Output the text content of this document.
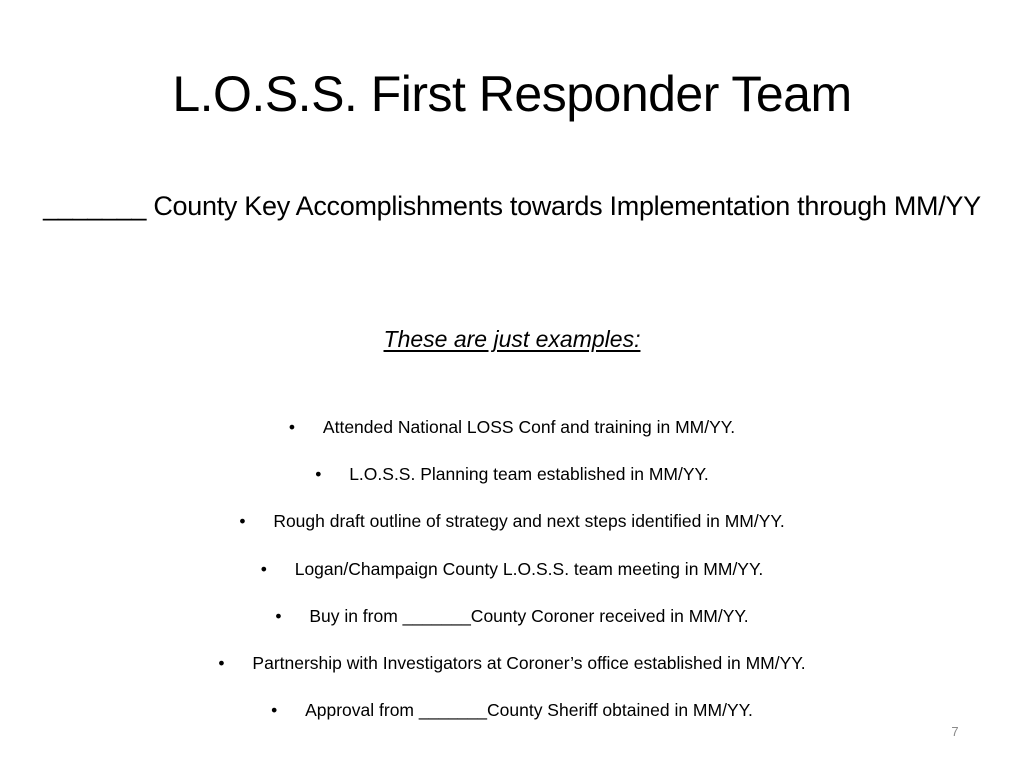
L.O.S.S. First Responder Team
_______ County Key Accomplishments towards Implementation through MM/YY
These are just examples:
•	Attended National LOSS Conf and training in MM/YY.
•	L.O.S.S. Planning team established in MM/YY.
•	Rough draft outline of strategy and next steps identified in MM/YY.
•	Logan/Champaign County L.O.S.S. team meeting in MM/YY.
•	Buy in from _______County Coroner received in MM/YY.
•	Partnership with Investigators at Coroner’s office established in MM/YY.
•	Approval from _______County Sheriff obtained in MM/YY.
7
